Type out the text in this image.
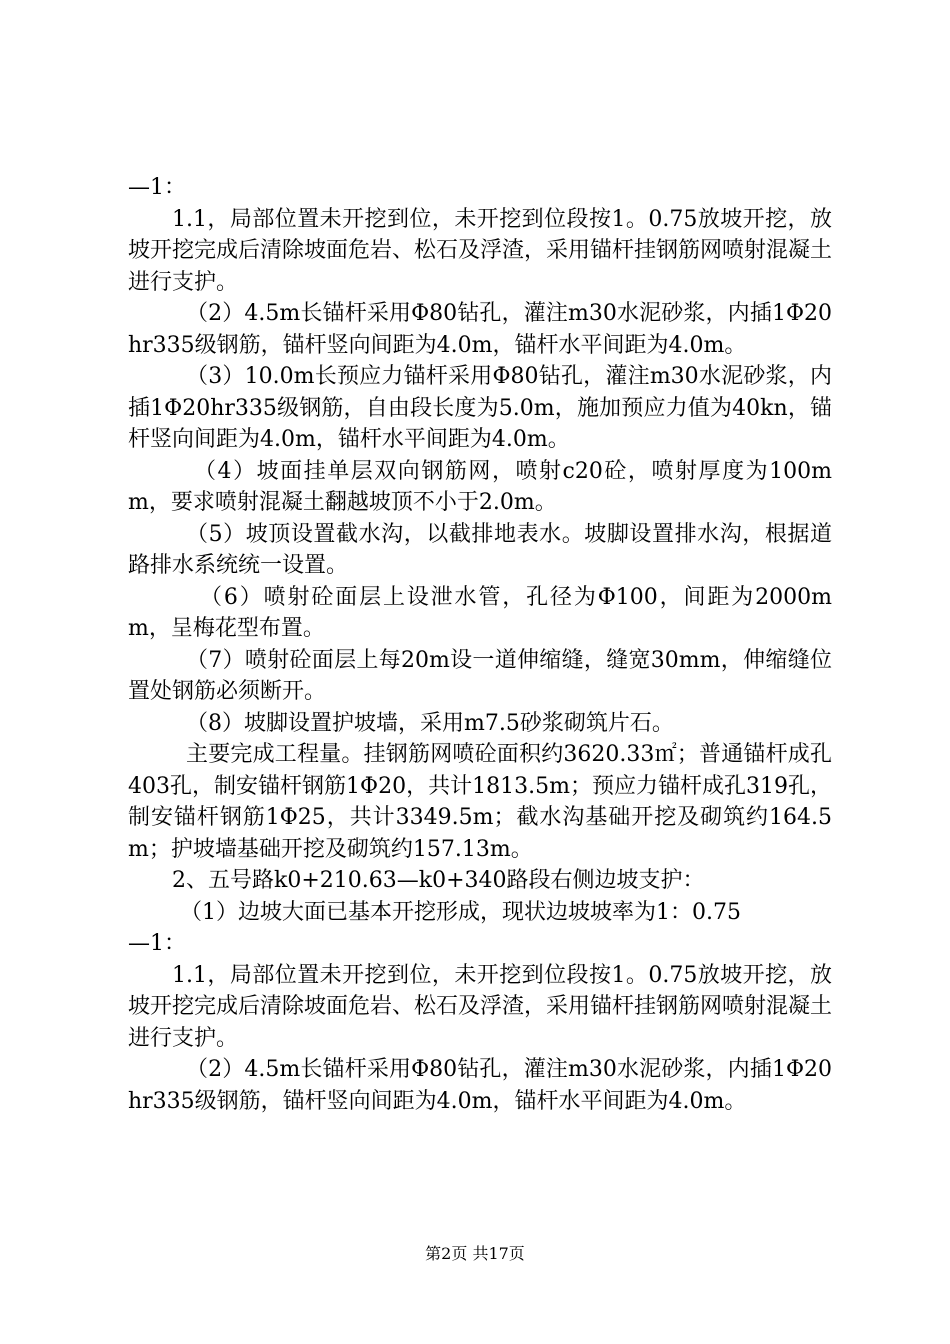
—1：

1.1，局部位置未开挖到位，未开挖到位段按1。0.75放坡开挖，放坡开挖完成后清除坡面危岩、松石及浮渣，采用锚杆挂钢筋网喷射混凝土进行支护。

（2）4.5m长锚杆采用Φ80钻孔，灌注m30水泥砂浆，内插1Φ20hr335级钢筋，锚杆竖向间距为4.0m，锚杆水平间距为4.0m。

（3）10.0m长预应力锚杆采用Φ80钻孔，灌注m30水泥砂浆，内插1Φ20hr335级钢筋，自由段长度为5.0m，施加预应力值为40kn，锚杆竖向间距为4.0m，锚杆水平间距为4.0m。

（4）坡面挂单层双向钢筋网，喷射c20砼，喷射厚度为100mm，要求喷射混凝土翻越坡顶不小于2.0m。

（5）坡顶设置截水沟，以截排地表水。坡脚设置排水沟，根据道路排水系统统一设置。

（6）喷射砼面层上设泄水管，孔径为Φ100，间距为2000mm，呈梅花型布置。

（7）喷射砼面层上每20m设一道伸缩缝，缝宽30mm，伸缩缝位置处钢筋必须断开。

（8）坡脚设置护坡墙，采用m7.5砂浆砌筑片石。

主要完成工程量。挂钢筋网喷砼面积约3620.33㎡；普通锚杆成孔403孔，制安锚杆钢筋1Φ20，共计1813.5m；预应力锚杆成孔319孔，制安锚杆钢筋1Φ25，共计3349.5m；截水沟基础开挖及砌筑约164.5m；护坡墙基础开挖及砌筑约157.13m。

2、五号路k0+210.63—k0+340路段右侧边坡支护：

（1）边坡大面已基本开挖形成，现状边坡坡率为1：0.75

—1：

1.1，局部位置未开挖到位，未开挖到位段按1。0.75放坡开挖，放坡开挖完成后清除坡面危岩、松石及浮渣，采用锚杆挂钢筋网喷射混凝土进行支护。

（2）4.5m长锚杆采用Φ80钻孔，灌注m30水泥砂浆，内插1Φ20hr335级钢筋，锚杆竖向间距为4.0m，锚杆水平间距为4.0m。

第2页 共17页
